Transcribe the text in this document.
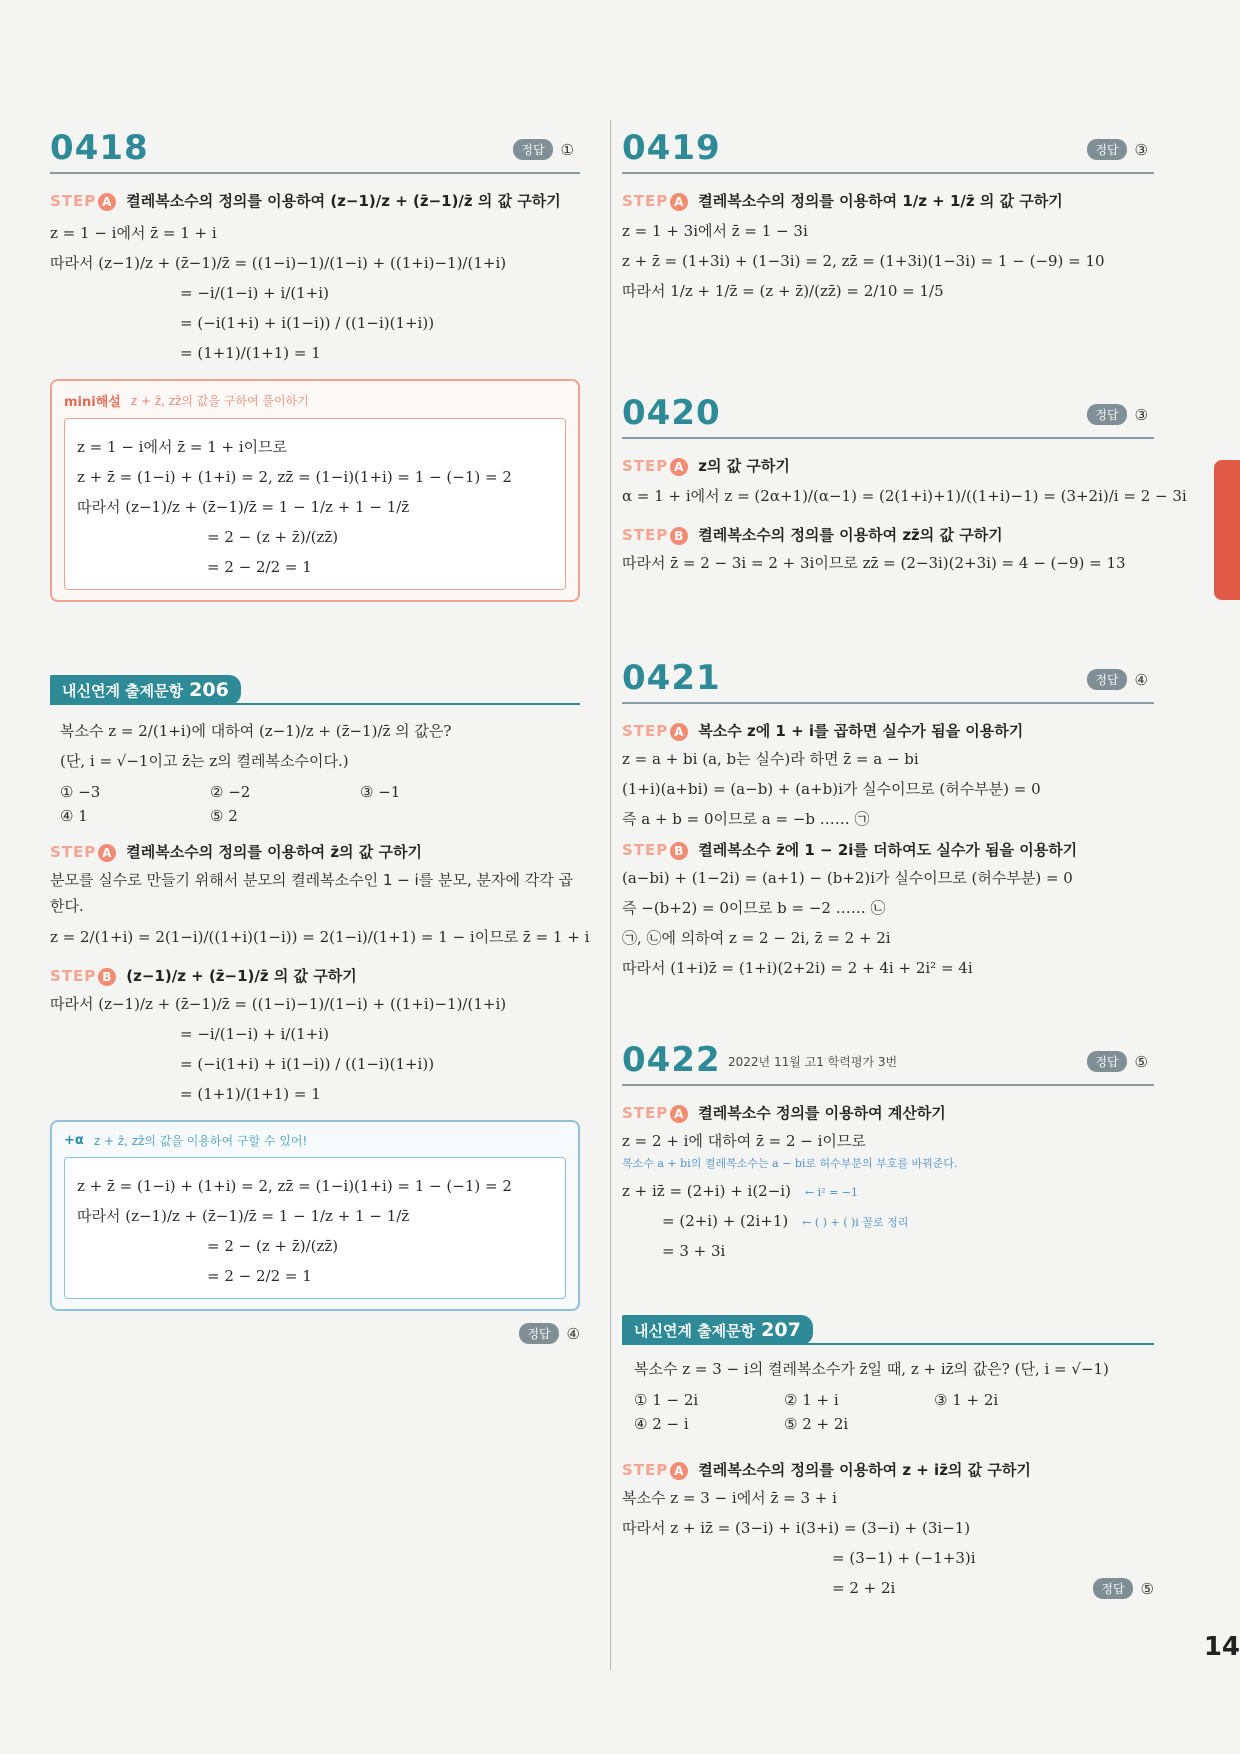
0418	정답	①
STEP A 켤레복소수의 정의를 이용하여 (z−1)/z + (z̄−1)/z̄ 의 값 구하기
z = 1 − i에서 z̄ = 1 + i
따라서 (z−1)/z + (z̄−1)/z̄ = ((1−i)−1)/(1−i) + ((1+i)−1)/(1+i)
= −i/(1−i) + i/(1+i)
= (−i(1+i) + i(1−i)) / ((1−i)(1+i))
= (1+1)/(1+1) = 1
mini해설 z + z̄, zz̄의 값을 구하여 풀이하기
z = 1 − i에서 z̄ = 1 + i이므로
z + z̄ = (1−i) + (1+i) = 2, zz̄ = (1−i)(1+i) = 1 − (−1) = 2
따라서 (z−1)/z + (z̄−1)/z̄ = 1 − 1/z + 1 − 1/z̄
= 2 − (z + z̄)/(zz̄)
= 2 − 2/2 = 1
내신연계 출제문항 206
복소수 z = 2/(1+i)에 대하여 (z−1)/z + (z̄−1)/z̄ 의 값은?
(단, i = √−1이고 z̄는 z의 켤레복소수이다.)
① −3	② −2	③ −1
④ 1	⑤ 2
STEP A 켤레복소수의 정의를 이용하여 z̄의 값 구하기
분모를 실수로 만들기 위해서 분모의 켤레복소수인 1 − i를 분모, 분자에 각각 곱한다.
z = 2/(1+i) = 2(1−i)/((1+i)(1−i)) = 2(1−i)/(1+1) = 1 − i이므로 z̄ = 1 + i
STEP B (z−1)/z + (z̄−1)/z̄ 의 값 구하기
따라서 (z−1)/z + (z̄−1)/z̄ = ((1−i)−1)/(1−i) + ((1+i)−1)/(1+i)
= −i/(1−i) + i/(1+i)
= (−i(1+i) + i(1−i)) / ((1−i)(1+i))
= (1+1)/(1+1) = 1
+α z + z̄, zz̄의 값을 이용하여 구할 수 있어!
z + z̄ = (1−i) + (1+i) = 2, zz̄ = (1−i)(1+i) = 1 − (−1) = 2
따라서 (z−1)/z + (z̄−1)/z̄ = 1 − 1/z + 1 − 1/z̄
= 2 − (z + z̄)/(zz̄)
= 2 − 2/2 = 1
정답	④
0419	정답	③
STEP A 켤레복소수의 정의를 이용하여 1/z + 1/z̄ 의 값 구하기
z = 1 + 3i에서 z̄ = 1 − 3i
z + z̄ = (1+3i) + (1−3i) = 2, zz̄ = (1+3i)(1−3i) = 1 − (−9) = 10
따라서 1/z + 1/z̄ = (z + z̄)/(zz̄) = 2/10 = 1/5
0420	정답	③
STEP A z의 값 구하기
α = 1 + i에서 z = (2α+1)/(α−1) = (2(1+i)+1)/((1+i)−1) = (3+2i)/i = 2 − 3i
STEP B 켤레복소수의 정의를 이용하여 zz̄의 값 구하기
따라서 z̄ = 2 − 3i = 2 + 3i이므로 zz̄ = (2−3i)(2+3i) = 4 − (−9) = 13
0421	정답	④
STEP A 복소수 z에 1 + i를 곱하면 실수가 됨을 이용하기
z = a + bi (a, b는 실수)라 하면 z̄ = a − bi
(1+i)(a+bi) = (a−b) + (a+b)i가 실수이므로 (허수부분) = 0
즉 a + b = 0이므로 a = −b …… ㉠
STEP B 켤레복소수 z̄에 1 − 2i를 더하여도 실수가 됨을 이용하기
(a−bi) + (1−2i) = (a+1) − (b+2)i가 실수이므로 (허수부분) = 0
즉 −(b+2) = 0이므로 b = −2 …… ㉡
㉠, ㉡에 의하여 z = 2 − 2i, z̄ = 2 + 2i
따라서 (1+i)z̄ = (1+i)(2+2i) = 2 + 4i + 2i² = 4i
0422 2022년 11월 고1 학력평가 3번	정답	⑤
STEP A 켤레복소수 정의를 이용하여 계산하기
z = 2 + i에 대하여 z̄ = 2 − i이므로
복소수 a + bi의 켤레복소수는 a − bi로 허수부분의 부호를 바꿔준다.
z + iz̄ = (2+i) + i(2−i) ← i² = −1
= (2+i) + (2i+1) ← ( ) + ( )i 꼴로 정리
= 3 + 3i
내신연계 출제문항 207
복소수 z = 3 − i의 켤레복소수가 z̄일 때, z + iz̄의 값은? (단, i = √−1)
① 1 − 2i	② 1 + i	③ 1 + 2i
④ 2 − i	⑤ 2 + 2i
STEP A 켤레복소수의 정의를 이용하여 z + iz̄의 값 구하기
복소수 z = 3 − i에서 z̄ = 3 + i
따라서 z + iz̄ = (3−i) + i(3+i) = (3−i) + (3i−1)
= (3−1) + (−1+3)i
= 2 + 2i	정답	⑤
14
